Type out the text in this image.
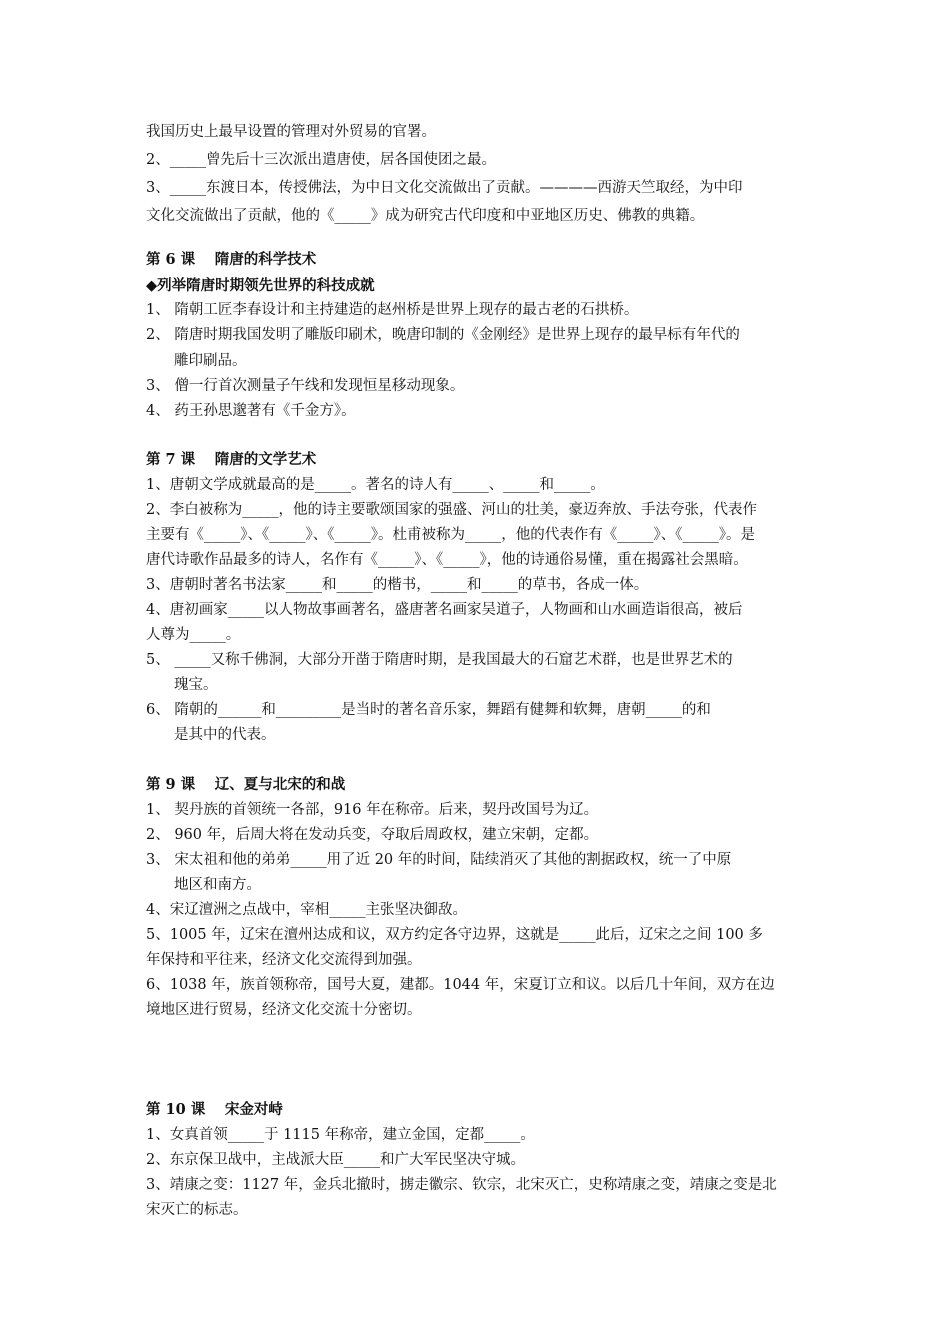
我国历史上最早设置的管理对外贸易的官署。
2、_____曾先后十三次派出遣唐使，居各国使团之最。
3、_____东渡日本，传授佛法，为中日文化交流做出了贡献。————西游天竺取经，为中印
文化交流做出了贡献，他的《_____》成为研究古代印度和中亚地区历史、佛教的典籍。
第 6 课　 隋唐的科学技术
◆列举隋唐时期领先世界的科技成就
1、 隋朝工匠李春设计和主持建造的赵州桥是世界上现存的最古老的石拱桥。
2、 隋唐时期我国发明了雕版印刷术，晚唐印制的《金刚经》是世界上现存的最早标有年代的
雕印刷品。
3、 僧一行首次测量子午线和发现恒星移动现象。
4、 药王孙思邈著有《千金方》。
第 7 课　 隋唐的文学艺术
1、唐朝文学成就最高的是_____。著名的诗人有_____、_____和_____。
2、李白被称为_____，他的诗主要歌颂国家的强盛、河山的壮美，豪迈奔放、手法夸张，代表作
主要有《_____》、《_____》、《_____》。杜甫被称为_____，他的代表作有《_____》、《_____》。是
唐代诗歌作品最多的诗人，名作有《_____》、《_____》，他的诗通俗易懂，重在揭露社会黑暗。
3、唐朝时著名书法家_____和_____的楷书，_____和_____的草书，各成一体。
4、唐初画家_____以人物故事画著名，盛唐著名画家吴道子，人物画和山水画造诣很高，被后
人尊为_____。
5、 _____又称千佛洞，大部分开凿于隋唐时期，是我国最大的石窟艺术群，也是世界艺术的
瑰宝。
6、 隋朝的______和_________是当时的著名音乐家，舞蹈有健舞和软舞，唐朝_____的和
是其中的代表。
第 9 课　 辽、夏与北宋的和战
1、 契丹族的首领统一各部，916 年在称帝。后来，契丹改国号为辽。
2、 960 年，后周大将在发动兵变，夺取后周政权，建立宋朝，定都。
3、 宋太祖和他的弟弟_____用了近 20 年的时间，陆续消灭了其他的割据政权，统一了中原
地区和南方。
4、宋辽澶洲之点战中，宰相_____主张坚决御敌。
5、1005 年，辽宋在澶州达成和议，双方约定各守边界，这就是_____此后，辽宋之之间 100 多
年保持和平往来，经济文化交流得到加强。
6、1038 年，族首领称帝，国号大夏，建都。1044 年，宋夏订立和议。以后几十年间，双方在边
境地区进行贸易，经济文化交流十分密切。
第 10 课　 宋金对峙
1、女真首领_____于 1115 年称帝，建立金国，定都_____。
2、东京保卫战中，主战派大臣_____和广大军民坚决守城。
3、靖康之变：1127 年，金兵北撤时，掳走徽宗、钦宗，北宋灭亡，史称靖康之变，靖康之变是北
宋灭亡的标志。
